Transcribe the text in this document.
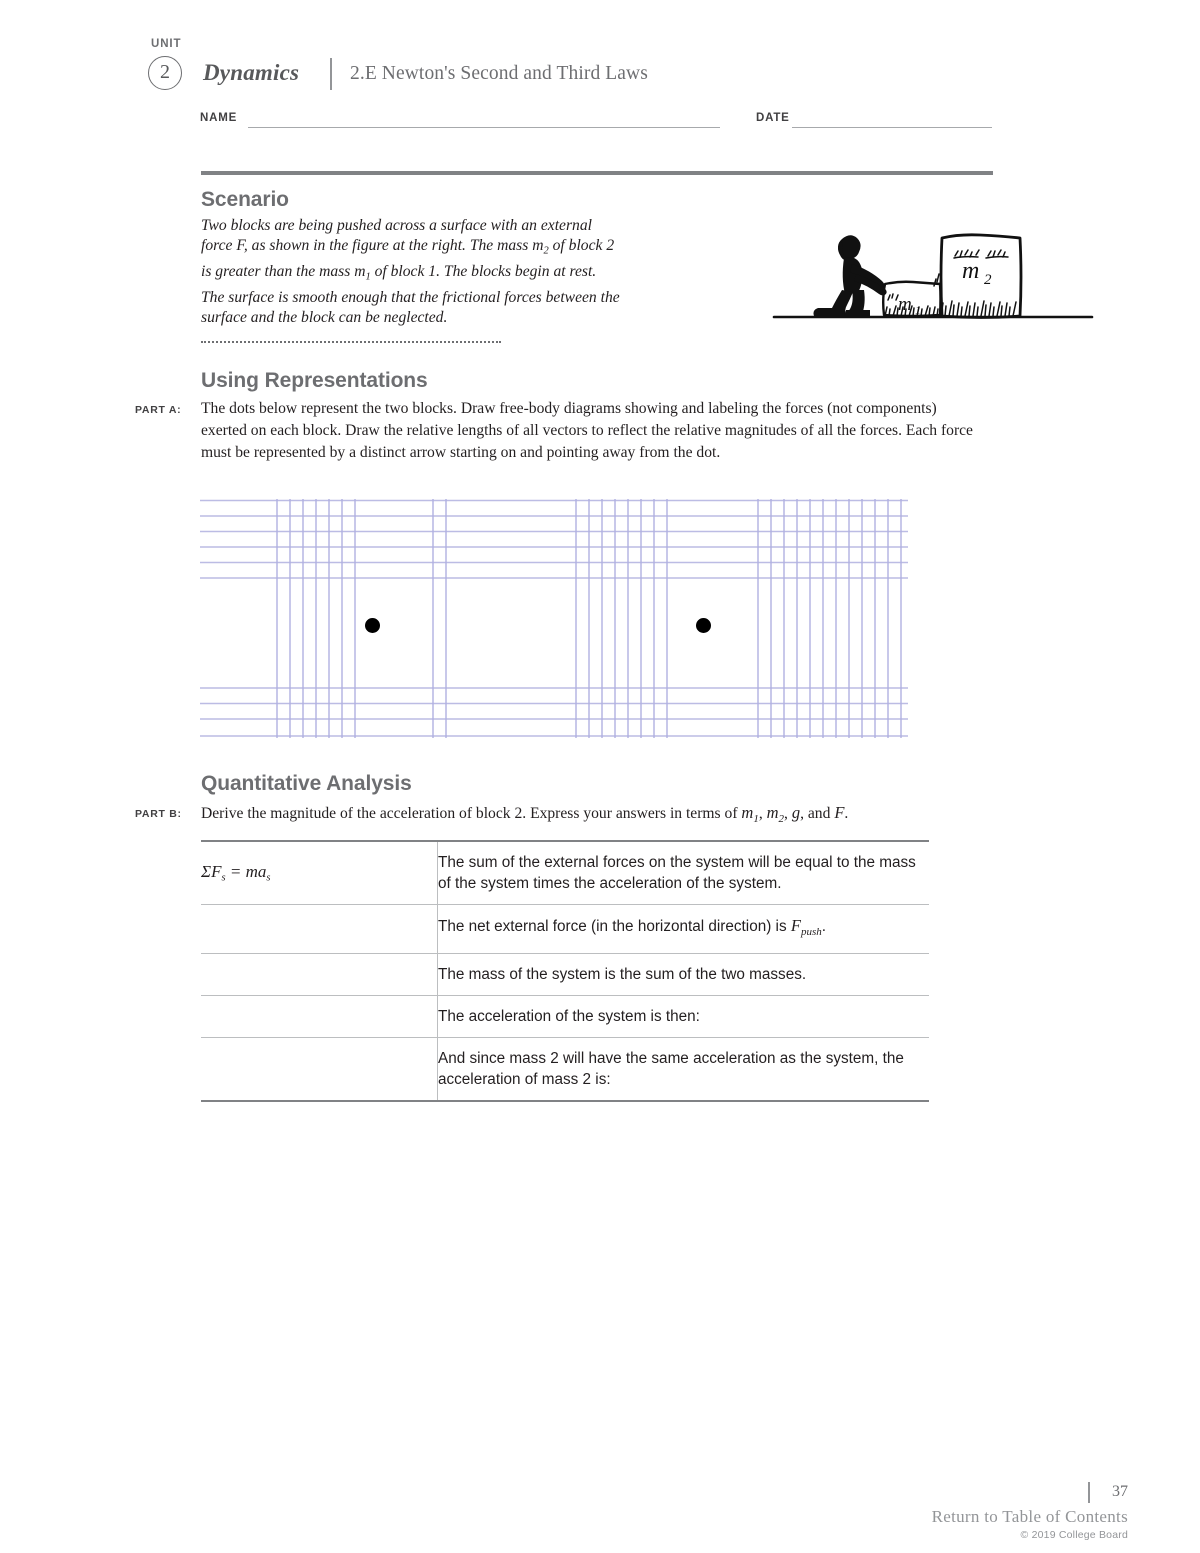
UNIT
2	Dynamics	2.E Newton's Second and Third Laws
NAME	DATE
Scenario
Two blocks are being pushed across a surface with an external
force F, as shown in the figure at the right. The mass $m_2$ of block 2
is greater than the mass $m_1$ of block 1. The blocks begin at rest.
The surface is smooth enough that the frictional forces between the
surface and the block can be neglected.
m 1
m 2
Using Representations
PART A: The dots below represent the two blocks. Draw free-body diagrams showing and labeling the forces (not components) exerted on each block. Draw the relative lengths of all vectors to reflect the relative magnitudes of all the forces. Each force must be represented by a distinct arrow starting on and pointing away from the dot.
Quantitative Analysis
PART B: Derive the magnitude of the acceleration of block 2. Express your answers in terms of $m_1$, $m_2$, g, and F.
$\Sigma F_s = ma_s$	The sum of the external forces on the system will be equal to the mass of the system times the acceleration of the system.
	The net external force (in the horizontal direction) is $F_{push}$.
	The mass of the system is the sum of the two masses.
	The acceleration of the system is then:
	And since mass 2 will have the same acceleration as the system, the acceleration of mass 2 is:
37
Return to Table of Contents
© 2019 College Board
